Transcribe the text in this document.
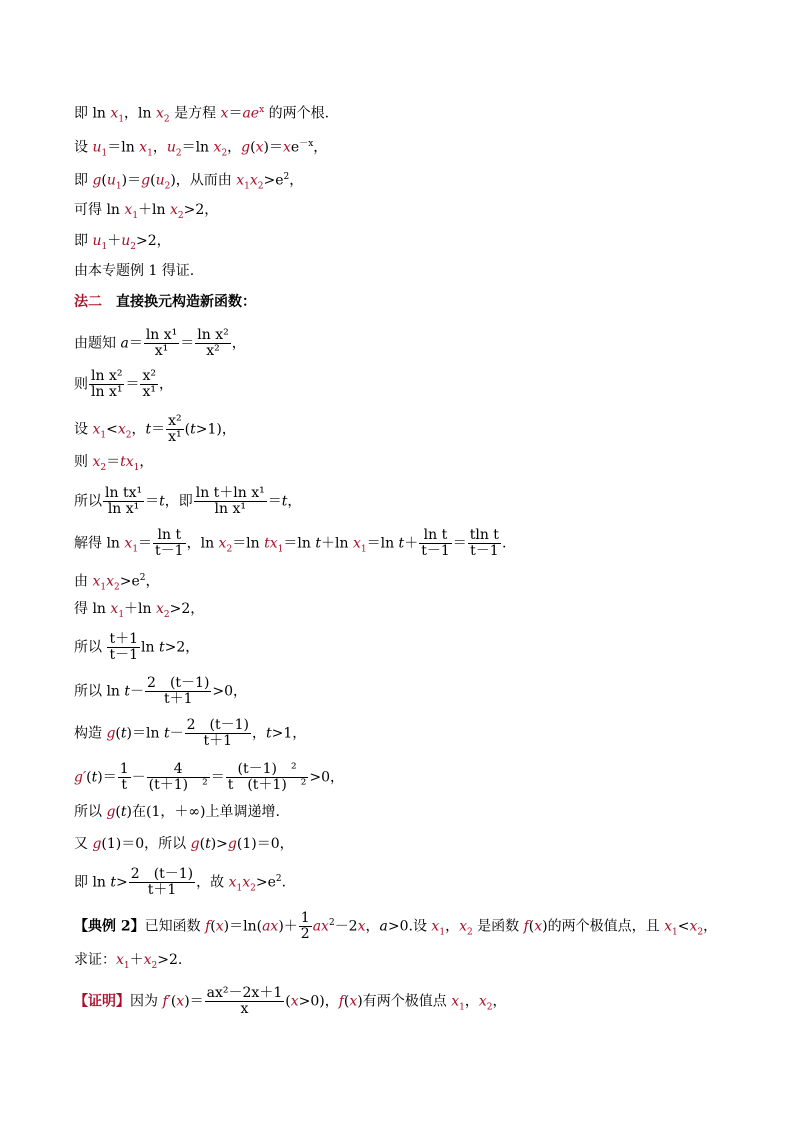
即 $\ln x_1$，$\ln x_2$ 是方程 $x=ae^x$ 的两个根.
设 $u_1=\ln$ $x_1$，$u_2=\ln$ $x_2$，$g(x)=xe^{-x}$，
即 $g(u_1)=g(u_2)$，从而由 $x_1x_2>e^2$，
可得 $\ln x_1+\ln$ $x_2>2$，
即 $u_1+u_2>2$，
由本专题例 1 得证.
法二　直接换元构造新函数：
由题知 $a= \frac{\text{ln x¹}}{\text{x¹}} = \frac{\text{ln x²}}{\text{x²}}$ ，
则 $\frac{\text{ln x²}}{\text{ln x¹}} = \frac{\text{x²}}{\text{x¹}}$ ，
设 $x_1<x_2$，$t= \frac{\text{x²}}{\text{x¹}} (t>1)$，
则 $x_2=tx_1$，
所以 $\frac{\text{ln tx¹}}{\text{ln x¹}} =t$，即 $\frac{\text{ln t＋ln x¹}}{\text{ln x¹}} =t$，
解得 $\ln x_1= \frac{\text{ln t}}{t-1}$ ，$\ln x_2=\ln$ $tx_1=\ln$ t＋ln $x_1=\ln$ $t+ \frac{\text{ln t}}{t-1} = \frac{\text{tln t}}{t-1}$ .
由 $x_1x_2>e^2$，
得 $\ln x_1+\ln$ $x_2>2$，
所以 $\frac{t+1}{t-1}$ ln t>2，
所以 $\ln t- \frac{2 (t-1)}{t+1} >0$，
构造 g(t)＝ln $t- \frac{2 (t-1)}{t+1}$ ，t>1，
$g'(t)= \frac{1}{t} - \frac{4}{\text{(t＋1)　²}} = \frac{\text{(t－1)　²}}{\text{t　(t＋1)　²}} >0$，
所以 g(t)在(1，＋∞)上单调递增.
又 g(1)＝0，所以 g(t)>g(1)＝0，
即 $\ln t> \frac{2 (t-1)}{t+1}$ ，故 $x_1x_2>e^2$.
【典例 2】已知函数 $f(x)=\ln(ax)+ \frac{1}{2} ax^2-2x$，a>0.设 $x_1$，$x_2$ 是函数 f(x)的两个极值点，且 $x_1<x_2$，
求证：$x_1+x_2>2$.
【证明】因为 $f'(x)= \frac{\text{ax²－2x＋1}}{x} (x>0)$，f(x)有两个极值点 $x_1$，$x_2$，
